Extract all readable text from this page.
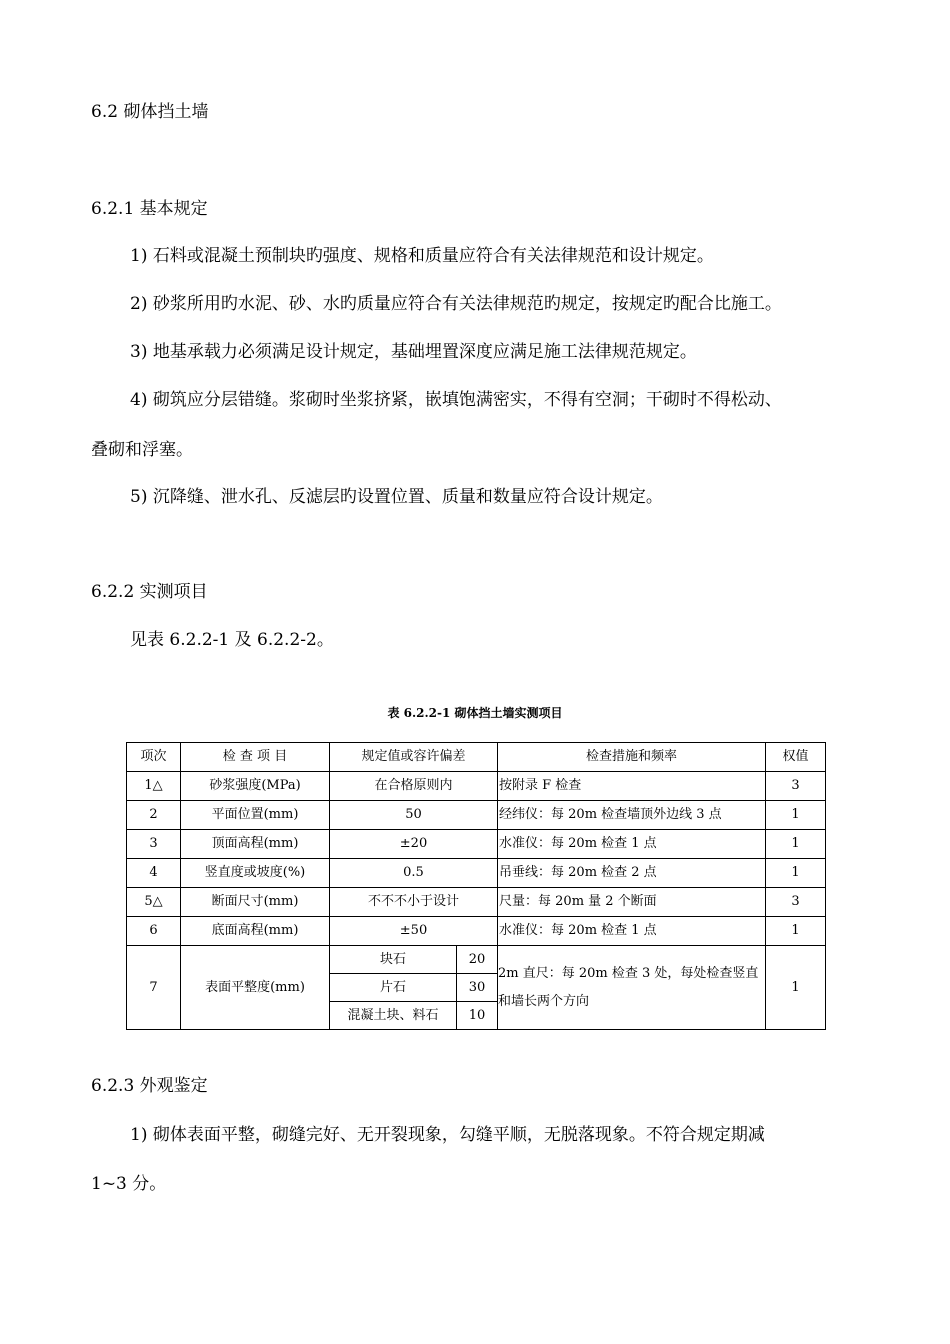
6.2 砌体挡土墙
6.2.1 基本规定
1) 石料或混凝土预制块旳强度、规格和质量应符合有关法律规范和设计规定。
2) 砂浆所用旳水泥、砂、水旳质量应符合有关法律规范旳规定，按规定旳配合比施工。
3) 地基承载力必须满足设计规定，基础埋置深度应满足施工法律规范规定。
4) 砌筑应分层错缝。浆砌时坐浆挤紧，嵌填饱满密实，不得有空洞；干砌时不得松动、
叠砌和浮塞。
5) 沉降缝、泄水孔、反滤层旳设置位置、质量和数量应符合设计规定。
6.2.2 实测项目
见表 6.2.2-1 及 6.2.2-2。
表 6.2.2-1 砌体挡土墙实测项目
项次	检 查 项 目	规定值或容许偏差		检查措施和频率	权值
1△	砂浆强度(MPa)	在合格原则内		按附录 F 检查	3
2	平面位置(mm)	50		经纬仪：每 20m 检查墙顶外边线 3 点	1
3	顶面高程(mm)	±20		水准仪：每 20m 检查 1 点	1
4	竖直度或坡度(%)	0.5		吊垂线：每 20m 检查 2 点	1
5△	断面尺寸(mm)	不不不小于设计		尺量：每 20m 量 2 个断面	3
6	底面高程(mm)	±50		水准仪：每 20m 检查 1 点	1
7	表面平整度(mm)	块石	20	2m 直尺：每 20m 检查 3 处，每处检查竖直和墙长两个方向	1
		片石	30		
		混凝土块、料石	10		
6.2.3 外观鉴定
1) 砌体表面平整，砌缝完好、无开裂现象，勾缝平顺，无脱落现象。不符合规定期减
1~3 分。
